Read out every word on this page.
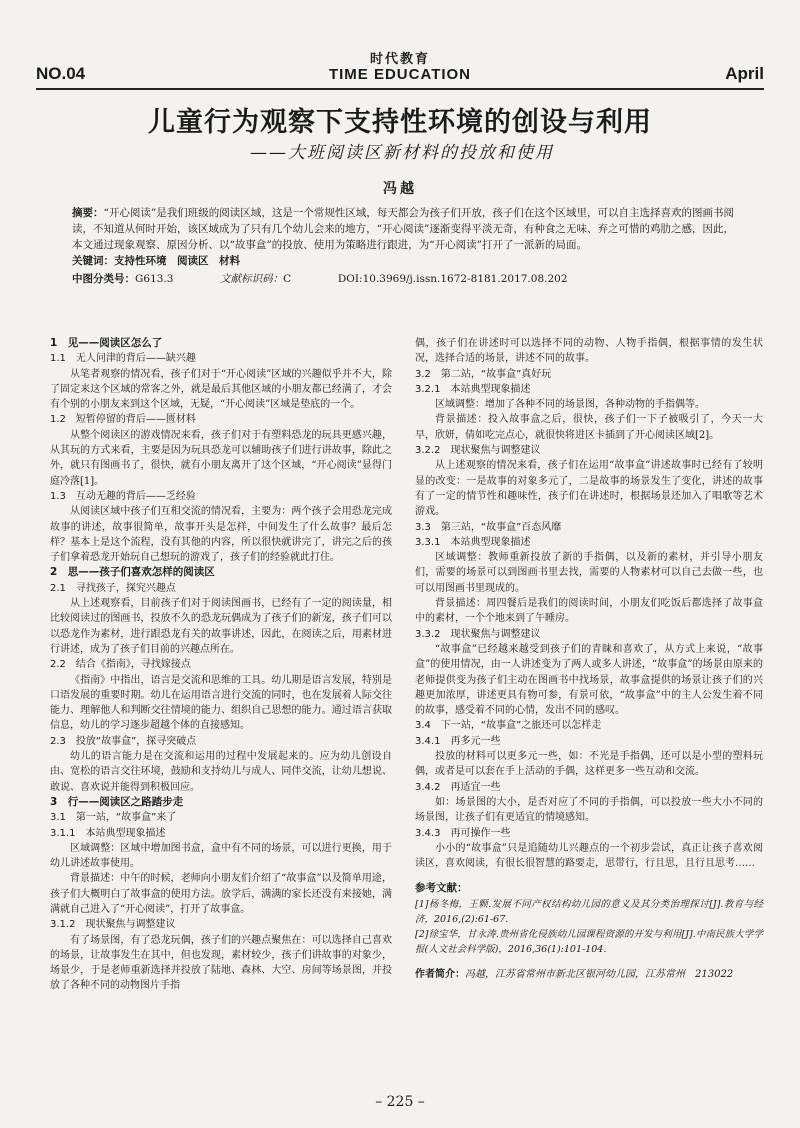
时代教育
NO.04	TIME EDUCATION	April
儿童行为观察下支持性环境的创设与利用
——大班阅读区新材料的投放和使用
冯越
摘要：“开心阅读”是我们班级的阅读区域，这是一个常规性区域，每天都会为孩子们开放，孩子们在这个区域里，可以自主选择喜欢的图画书阅读，不知道从何时开始，该区域成为了只有几个幼儿会来的地方，“开心阅读”逐渐变得平淡无奇，有种食之无味、弃之可惜的鸡肋之感，因此，本文通过现象观察、原因分析、以“故事盒”的投放、使用为策略进行跟进，为“开心阅读”打开了一派新的局面。
关键词：支持性环境　阅读区　材料
中图分类号：G613.3	文献标识码：C	DOI:10.3969/j.issn.1672-8181.2017.08.202
1　见——阅读区怎么了
1.1　无人问津的背后——缺兴趣
从笔者观察的情况看，孩子们对于“开心阅读”区域的兴趣似乎并不大，除了固定来这个区域的常客之外，就是最后其他区域的小朋友都已经满了，才会有个别的小朋友来到这个区域，无疑，“开心阅读”区域是垫底的一个。
1.2　短暂停留的背后——匮材料
从整个阅读区的游戏情况来看，孩子们对于有塑料恐龙的玩具更感兴趣，从其玩的方式来看，主要是因为玩具恐龙可以辅助孩子们进行讲故事，除此之外，就只有图画书了，很快，就有小朋友离开了这个区域，“开心阅读”显得门庭冷落[1]。
1.3　互动无趣的背后——乏经验
从阅读区域中孩子们互相交流的情况看，主要为：两个孩子会用恐龙完成故事的讲述，故事很简单，故事开头是怎样，中间发生了什么故事？最后怎样？基本上是这个流程，没有其他的内容，所以很快就讲完了，讲完之后的孩子们拿着恐龙开始玩自己想玩的游戏了，孩子们的经验就此打住。
2　思——孩子们喜欢怎样的阅读区
2.1　寻找孩子，探究兴趣点
从上述观察看，目前孩子们对于阅读图画书，已经有了一定的阅读量，相比较阅读过的图画书，投放不久的恐龙玩偶成为了孩子们的新宠，孩子们可以以恐龙作为素材，进行跟恐龙有关的故事讲述，因此，在阅读之后，用素材进行讲述，成为了孩子们目前的兴趣点所在。
2.2　结合《指南》，寻找嫁接点
《指南》中指出，语言是交流和思维的工具。幼儿期是语言发展，特别是口语发展的重要时期。幼儿在运用语言进行交流的同时，也在发展着人际交往能力、理解他人和判断交往情境的能力、组织自己思想的能力。通过语言获取信息，幼儿的学习逐步超越个体的直接感知。
2.3　投放“故事盒”，探寻突破点
幼儿的语言能力是在交流和运用的过程中发展起来的。应为幼儿创设自由、宽松的语言交往环境，鼓励和支持幼儿与成人、同伴交流，让幼儿想说、敢说、喜欢说并能得到积极回应。
3　行——阅读区之路踏步走
3.1　第一站，“故事盒”来了
3.1.1　本站典型现象描述
区域调整：区域中增加图书盒，盒中有不同的场景，可以进行更换，用于幼儿讲述故事使用。
背景描述：中午的时候，老师向小朋友们介绍了“故事盒”以及简单用途，孩子们大概明白了故事盒的使用方法。放学后，满满的家长还没有来接她，满满就自己进入了“开心阅读”，打开了故事盒。
3.1.2　现状聚焦与调整建议
有了场景图，有了恐龙玩偶，孩子们的兴趣点聚焦在：可以选择自己喜欢的场景，让故事发生在其中，但也发现，素材较少，孩子们讲故事的对象少，场景少，于是老师重新选择并投放了陆地、森林、大空、房间等场景图，并投放了各种不同的动物图片手指
偶，孩子们在讲述时可以选择不同的动物、人物手指偶，根据事情的发生状况，选择合适的场景，讲述不同的故事。
3.2　第二站，“故事盒”真好玩
3.2.1　本站典型现象描述
区域调整：增加了各种不同的场景图，各种动物的手指偶等。
背景描述：投入故事盒之后，很快，孩子们一下子被吸引了，今天一大早，欣妍，倩如吃完点心，就很快将进区卡插到了开心阅读区域[2]。
3.2.2　现状聚焦与调整建议
从上述观察的情况来看，孩子们在运用“故事盒”讲述故事时已经有了较明显的改变：一是故事的对象多元了，二是故事的场景发生了变化，讲述的故事有了一定的情节性和趣味性，孩子们在讲述时，根据场景还加入了唱歌等艺术游戏。
3.3　第三站，“故事盒”百态风靡
3.3.1　本站典型现象描述
区域调整：教师重新投放了新的手指偶，以及新的素材，并引导小朋友们，需要的场景可以到图画书里去找，需要的人物素材可以自己去做一些，也可以用图画书里现成的。
背景描述：周四餐后是我们的阅读时间，小朋友们吃饭后都选择了故事盒中的素材，一个个地来到了午睡房。
3.3.2　现状聚焦与调整建议
“故事盒”已经越来越受到孩子们的青睐和喜欢了，从方式上来说，“故事盒”的使用情况，由一人讲述变为了两人或多人讲述，“故事盒”的场景由原来的老师提供变为孩子们主动在图画书中找场景，故事盒提供的场景让孩子们的兴趣更加浓厚，讲述更具有物可参，有景可依，“故事盒”中的主人公发生着不同的故事，感受着不同的心情，发出不同的感叹。
3.4　下一站，“故事盒”之旅还可以怎样走
3.4.1　再多元一些
投放的材料可以更多元一些，如：不光是手指偶，还可以是小型的塑料玩偶，或者是可以套在手上活动的手偶，这样更多一些互动和交流。
3.4.2　再适宜一些
如：场景图的大小，是否对应了不同的手指偶，可以投放一些大小不同的场景图，让孩子们有更适宜的情境感知。
3.4.3　再可操作一些
小小的“故事盒”只是追随幼儿兴趣点的一个初步尝试，真正让孩子喜欢阅读区，喜欢阅读，有很长很智慧的路要走，思带行，行且思，且行且思考……
参考文献：
[1]杨冬梅，王颗.发展不同产权结构幼儿园的意义及其分类治理探讨[J].教育与经济，2016,(2):61-67.
[2]徐宝华，甘永涛.贵州省化侵族幼儿园课程资源的开发与利用[J].中南民族大学学报(人文社会科学版)，2016,36(1):101-104.
作者简介：冯越，江苏省常州市新北区银河幼儿园，江苏常州　213022
– 225 –
